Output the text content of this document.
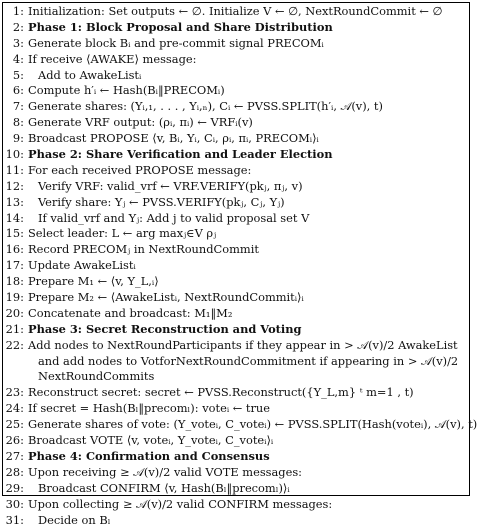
1: Initialization: Set outputs ← ∅. Initialize V ← ∅, NextRoundCommit ← ∅
2: Phase 1: Block Proposal and Share Distribution
3: Generate block Bᵢ and pre-commit signal PRECOMᵢ
4: If receive ⟨AWAKE⟩ message:
5: Add to AwakeListᵢ
6: Compute h′ᵢ ← Hash(Bᵢ‖PRECOMᵢ)
7: Generate shares: (Yᵢ,₁, . . . , Yᵢ,ₙ), Cᵢ ← PVSS.SPLIT(h′ᵢ, 𝒜(v), t)
8: Generate VRF output: (ρᵢ, πᵢ) ← VRFᵢ(v)
9: Broadcast PROPOSE ⟨v, Bᵢ, Yᵢ, Cᵢ, ρᵢ, πᵢ, PRECOMᵢ⟩ᵢ
10: Phase 2: Share Verification and Leader Election
11: For each received PROPOSE message:
12: Verify VRF: valid_vrf ← VRF.VERIFY(pkⱼ, πⱼ, v)
13: Verify share: Yⱼ ← PVSS.VERIFY(pkⱼ, Cⱼ, Yⱼ)
14: If valid_vrf and Yⱼ: Add j to valid proposal set V
15: Select leader: L ← arg maxⱼ∈V ρⱼ
16: Record PRECOMⱼ in NextRoundCommit
17: Update AwakeListᵢ
18: Prepare M₁ ← ⟨v, Y_L,ᵢ⟩
19: Prepare M₂ ← ⟨AwakeListᵢ, NextRoundCommitᵢ⟩ᵢ
20: Concatenate and broadcast: M₁‖M₂
21: Phase 3: Secret Reconstruction and Voting
22: Add nodes to NextRoundParticipants if they appear in > 𝒜(v)/2 AwakeList
and add nodes to VotforNextRoundCommitment if appearing in > 𝒜(v)/2
NextRoundCommits
23: Reconstruct secret: secret ← PVSS.Reconstruct({Y_L,m} ᵗ m=1 , t)
24: If secret = Hash(Bₗ‖precomₗ): voteᵢ ← true
25: Generate shares of vote: (Y_voteᵢ, C_voteᵢ) ← PVSS.SPLIT(Hash(voteᵢ), 𝒜(v), t)
26: Broadcast VOTE ⟨v, voteᵢ, Y_voteᵢ, C_voteᵢ⟩ᵢ
27: Phase 4: Confirmation and Consensus
28: Upon receiving ≥ 𝒜(v)/2 valid VOTE messages:
29: Broadcast CONFIRM ⟨v, Hash(Bₗ‖precomₗ)⟩ᵢ
30: Upon collecting ≥ 𝒜(v)/2 valid CONFIRM messages:
31: Decide on Bₗ
